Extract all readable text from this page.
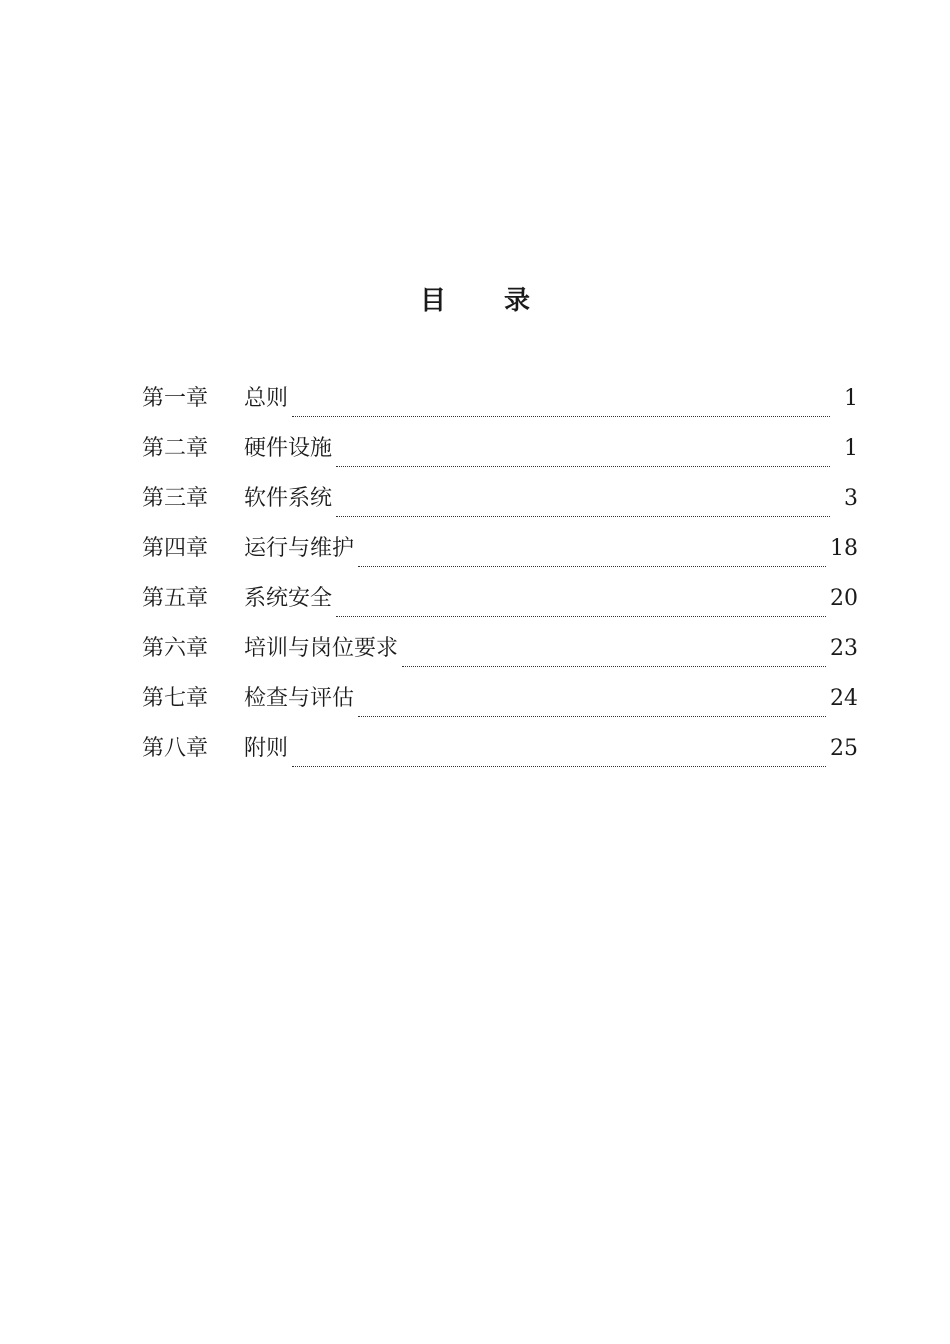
目 录
第一章	总则	1
第二章	硬件设施	1
第三章	软件系统	3
第四章	运行与维护	18
第五章	系统安全	20
第六章	培训与岗位要求	23
第七章	检查与评估	24
第八章	附则	25
